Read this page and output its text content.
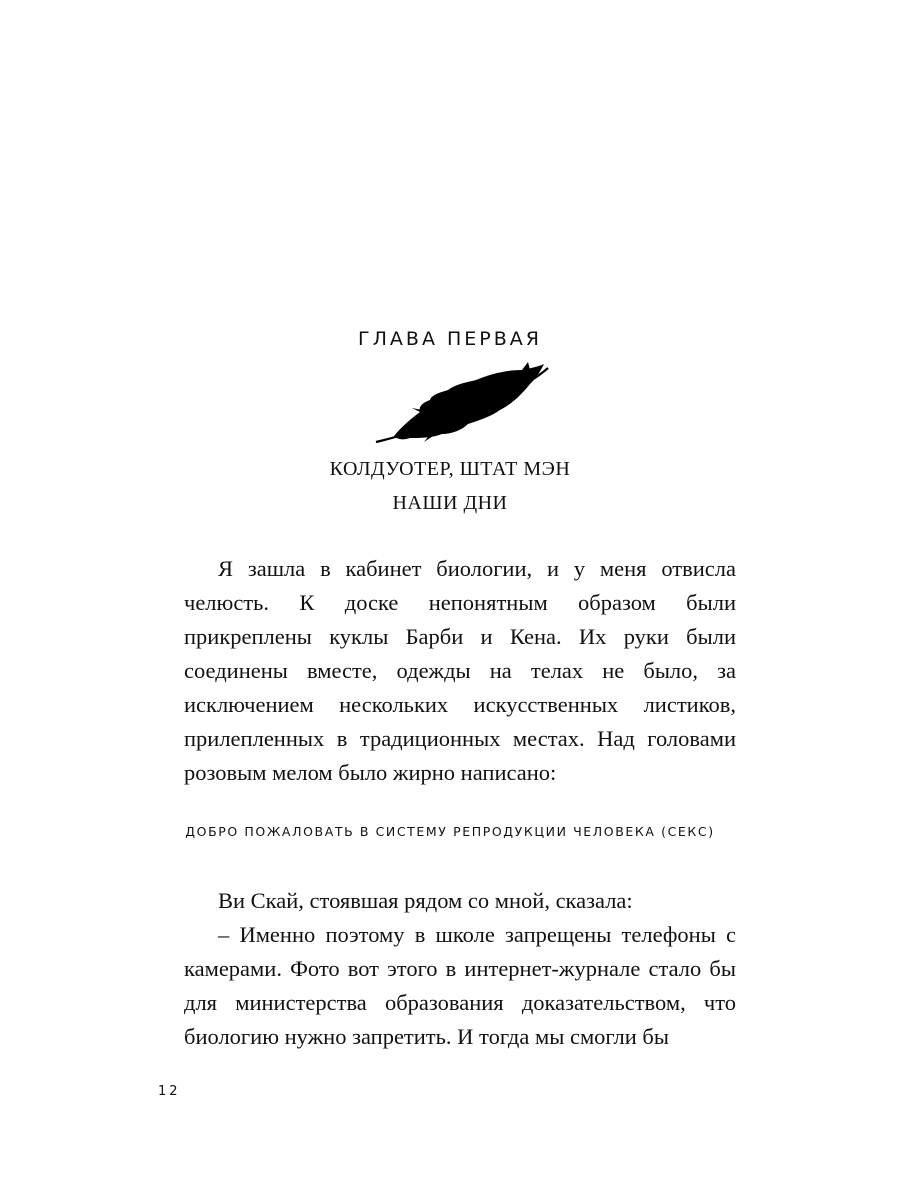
ГЛАВА ПЕРВАЯ
КОЛДУОТЕР, ШТАТ МЭН
НАШИ ДНИ

Я зашла в кабинет биологии, и у меня отвисла челюсть. К доске непонятным образом были прикреплены куклы Барби и Кена. Их руки были соединены вместе, одежды на телах не было, за исключением нескольких искусственных листиков, прилепленных в традиционных местах. Над головами розовым мелом было жирно написано:

ДОБРО ПОЖАЛОВАТЬ В СИСТЕМУ РЕПРОДУКЦИИ ЧЕЛОВЕКА (СЕКС)

Ви Скай, стоявшая рядом со мной, сказала:

– Именно поэтому в школе запрещены телефоны с камерами. Фото вот этого в интернет-журнале стало бы для министерства образования доказательством, что биологию нужно запретить. И тогда мы смогли бы

12
